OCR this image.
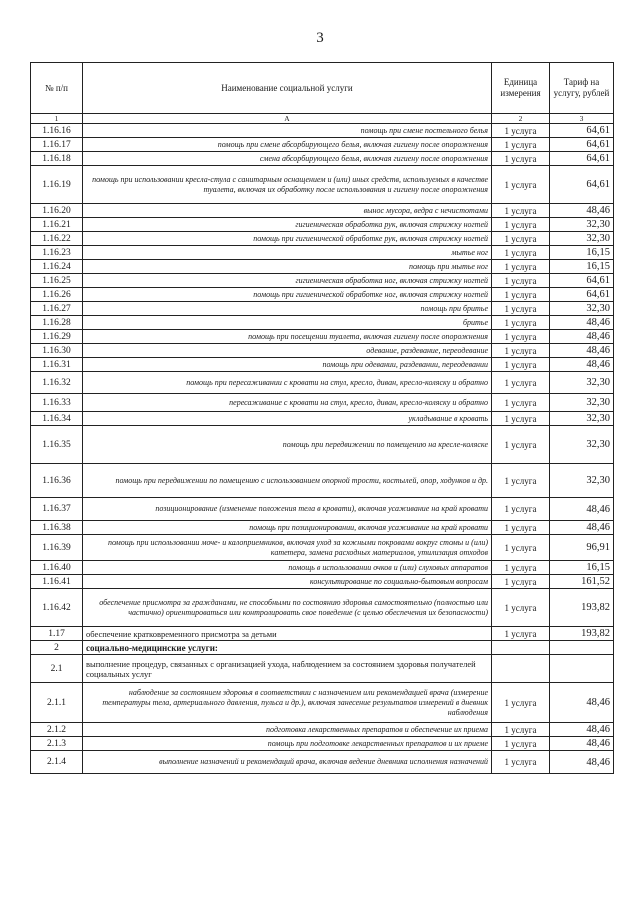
3
№ п/п	Наименование социальной услуги	Единица измерения	Тариф на услугу, рублей
1	А	2	3
1.16.16	помощь при смене постельного белья	1 услуга	64,61
1.16.17	помощь при смене абсорбирующего белья, включая гигиену после опорожнения	1 услуга	64,61
1.16.18	смена абсорбирующего белья, включая гигиену после опорожнения	1 услуга	64,61
1.16.19	помощь при использовании кресла-стула с санитарным оснащением и (или) иных средств, используемых в качестве туалета, включая их обработку после использования и гигиену после опорожнения	1 услуга	64,61
1.16.20	вынос мусора, ведра с нечистотами	1 услуга	48,46
1.16.21	гигиеническая обработка рук, включая стрижку ногтей	1 услуга	32,30
1.16.22	помощь при гигиенической обработке рук, включая стрижку ногтей	1 услуга	32,30
1.16.23	мытье ног	1 услуга	16,15
1.16.24	помощь при мытье ног	1 услуга	16,15
1.16.25	гигиеническая обработка ног, включая стрижку ногтей	1 услуга	64,61
1.16.26	помощь при гигиенической обработке ног, включая стрижку ногтей	1 услуга	64,61
1.16.27	помощь при бритье	1 услуга	32,30
1.16.28	бритье	1 услуга	48,46
1.16.29	помощь при посещении туалета, включая гигиену после опорожнения	1 услуга	48,46
1.16.30	одевание, раздевание, переодевание	1 услуга	48,46
1.16.31	помощь при одевании, раздевании, переодевании	1 услуга	48,46
1.16.32	помощь при пересаживании с кровати на стул, кресло, диван, кресло-коляску и обратно	1 услуга	32,30
1.16.33	пересаживание с кровати на стул, кресло, диван, кресло-коляску и обратно	1 услуга	32,30
1.16.34	укладывание в кровать	1 услуга	32,30
1.16.35	помощь при передвижении по помещению на кресле-коляске	1 услуга	32,30
1.16.36	помощь при передвижении по помещению с использованием опорной трости, костылей, опор, ходунков и др.	1 услуга	32,30
1.16.37	позиционирование (изменение положения тела в кровати), включая усаживание на край кровати	1 услуга	48,46
1.16.38	помощь при позиционировании, включая усаживание на край кровати	1 услуга	48,46
1.16.39	помощь при использовании моче- и калоприемников, включая уход за кожными покровами вокруг стомы и (или) катетера, замена расходных материалов, утилизация отходов	1 услуга	96,91
1.16.40	помощь в использовании очков и (или) слуховых аппаратов	1 услуга	16,15
1.16.41	консультирование по социально-бытовым вопросам	1 услуга	161,52
1.16.42	обеспечение присмотра за гражданами, не способными по состоянию здоровья самостоятельно (полностью или частично) ориентироваться или контролировать свое поведение (с целью обеспечения их безопасности)	1 услуга	193,82
1.17	обеспечение кратковременного присмотра за детьми	1 услуга	193,82
2	социально-медицинские услуги:		
2.1	выполнение процедур, связанных с организацией ухода, наблюдением за состоянием здоровья получателей социальных услуг		
2.1.1	наблюдение за состоянием здоровья в соответствии с назначением или рекомендацией врача (измерение температуры тела, артериального давления, пульса и др.), включая занесение результатов измерений в дневник наблюдения	1 услуга	48,46
2.1.2	подготовка лекарственных препаратов и обеспечение их приема	1 услуга	48,46
2.1.3	помощь при подготовке лекарственных препаратов и их приеме	1 услуга	48,46
2.1.4	выполнение назначений и рекомендаций врача, включая ведение дневника исполнения назначений	1 услуга	48,46
